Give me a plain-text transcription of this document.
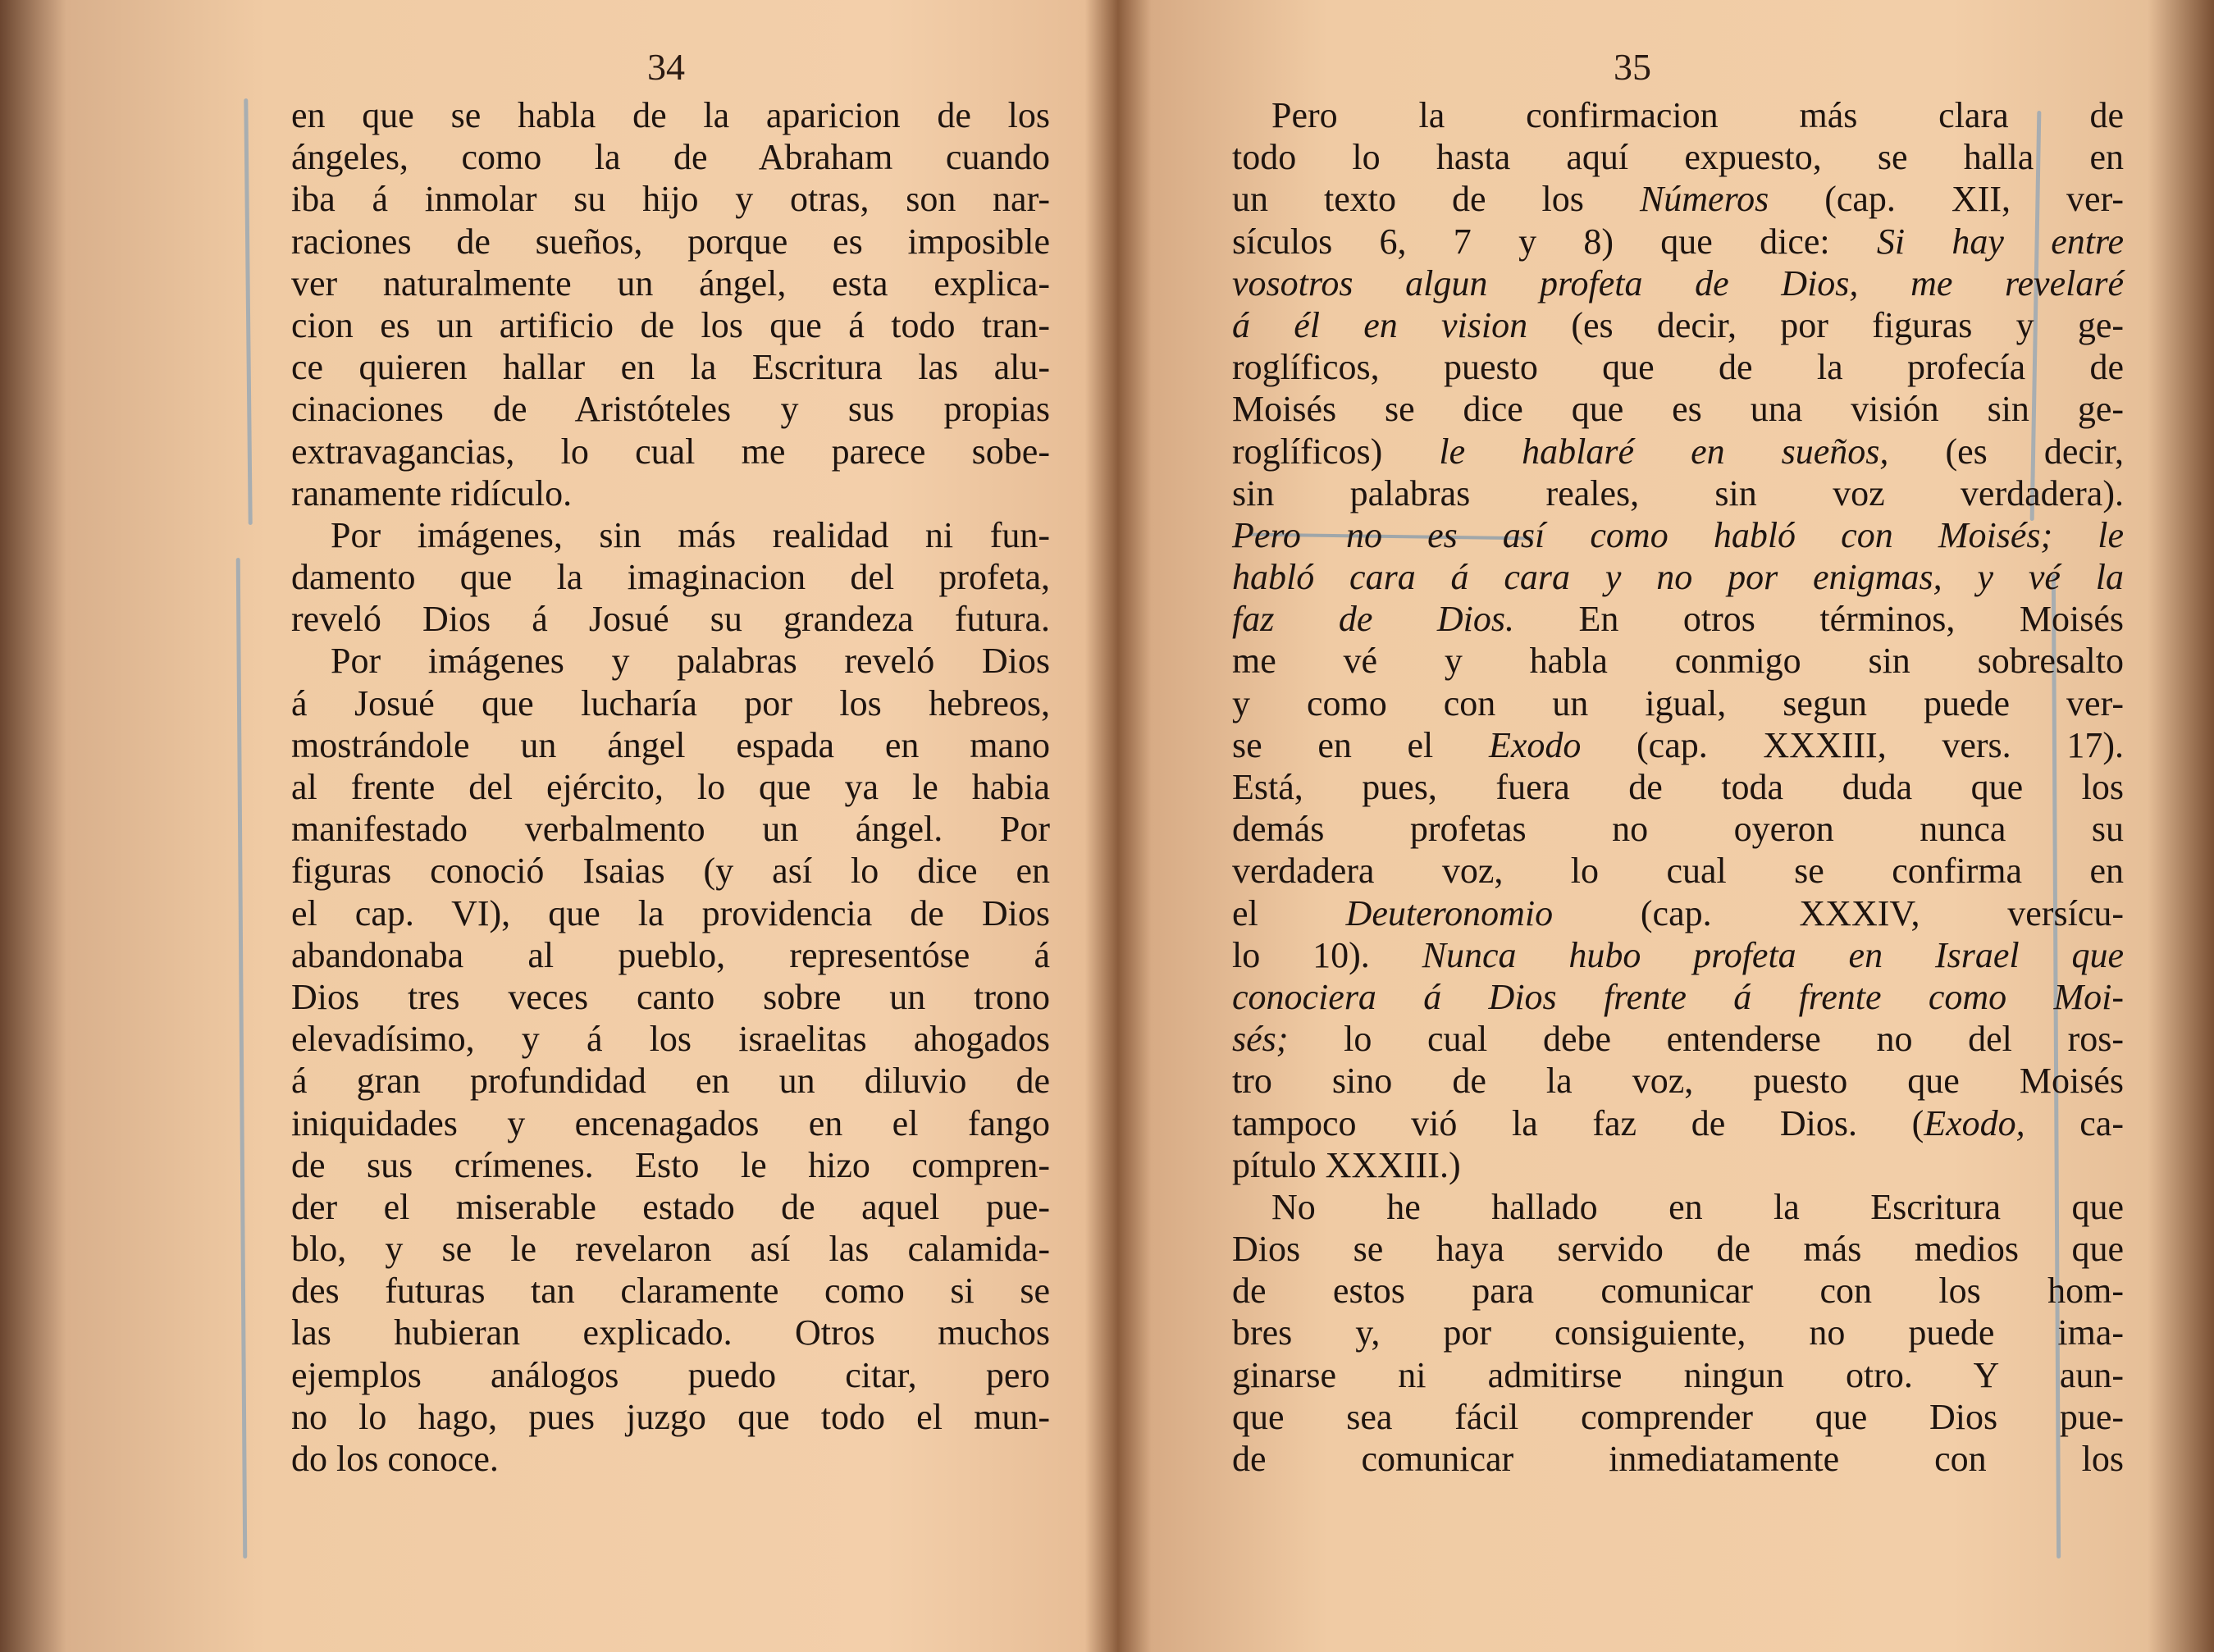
34
en que se habla de la aparicion de los
ángeles, como la de Abraham cuando
iba á inmolar su hijo y otras, son nar-
raciones de sueños, porque es imposible
ver naturalmente un ángel, esta explica-
cion es un artificio de los que á todo tran-
ce quieren hallar en la Escritura las alu-
cinaciones de Aristóteles y sus propias
extravagancias, lo cual me parece sobe-
ranamente ridículo.
Por imágenes, sin más realidad ni fun-
damento que la imaginacion del profeta,
reveló Dios á Josué su grandeza futura.
Por imágenes y palabras reveló Dios
á Josué que lucharía por los hebreos,
mostrándole un ángel espada en mano
al frente del ejército, lo que ya le habia
manifestado verbalmento un ángel. Por
figuras conoció Isaias (y así lo dice en
el cap. VI), que la providencia de Dios
abandonaba al pueblo, representóse á
Dios tres veces canto sobre un trono
elevadísimo, y á los israelitas ahogados
á gran profundidad en un diluvio de
iniquidades y encenagados en el fango
de sus crímenes. Esto le hizo compren-
der el miserable estado de aquel pue-
blo, y se le revelaron así las calamida-
des futuras tan claramente como si se
las hubieran explicado. Otros muchos
ejemplos análogos puedo citar, pero
no lo hago, pues juzgo que todo el mun-
do los conoce.
35
Pero la confirmacion más clara de
todo lo hasta aquí expuesto, se halla en
un texto de los Números (cap. XII, ver-
sículos 6, 7 y 8) que dice: Si hay entre
vosotros algun profeta de Dios, me revelaré
á él en vision (es decir, por figuras y ge-
roglíficos, puesto que de la profecía de
Moisés se dice que es una visión sin ge-
roglíficos) le hablaré en sueños, (es decir,
sin palabras reales, sin voz verdadera).
Pero no es así como habló con Moisés; le
habló cara á cara y no por enigmas, y vé la
faz de Dios. En otros términos, Moisés
me vé y habla conmigo sin sobresalto
y como con un igual, segun puede ver-
se en el Exodo (cap. XXXIII, vers. 17).
Está, pues, fuera de toda duda que los
demás profetas no oyeron nunca su
verdadera voz, lo cual se confirma en
el Deuteronomio (cap. XXXIV, versícu-
lo 10). Nunca hubo profeta en Israel que
conociera á Dios frente á frente como Moi-
sés; lo cual debe entenderse no del ros-
tro sino de la voz, puesto que Moisés
tampoco vió la faz de Dios. (Exodo, ca-
pítulo XXXIII.)
No he hallado en la Escritura que
Dios se haya servido de más medios que
de estos para comunicar con los hom-
bres y, por consiguiente, no puede ima-
ginarse ni admitirse ningun otro. Y aun-
que sea fácil comprender que Dios pue-
de comunicar inmediatamente con los
